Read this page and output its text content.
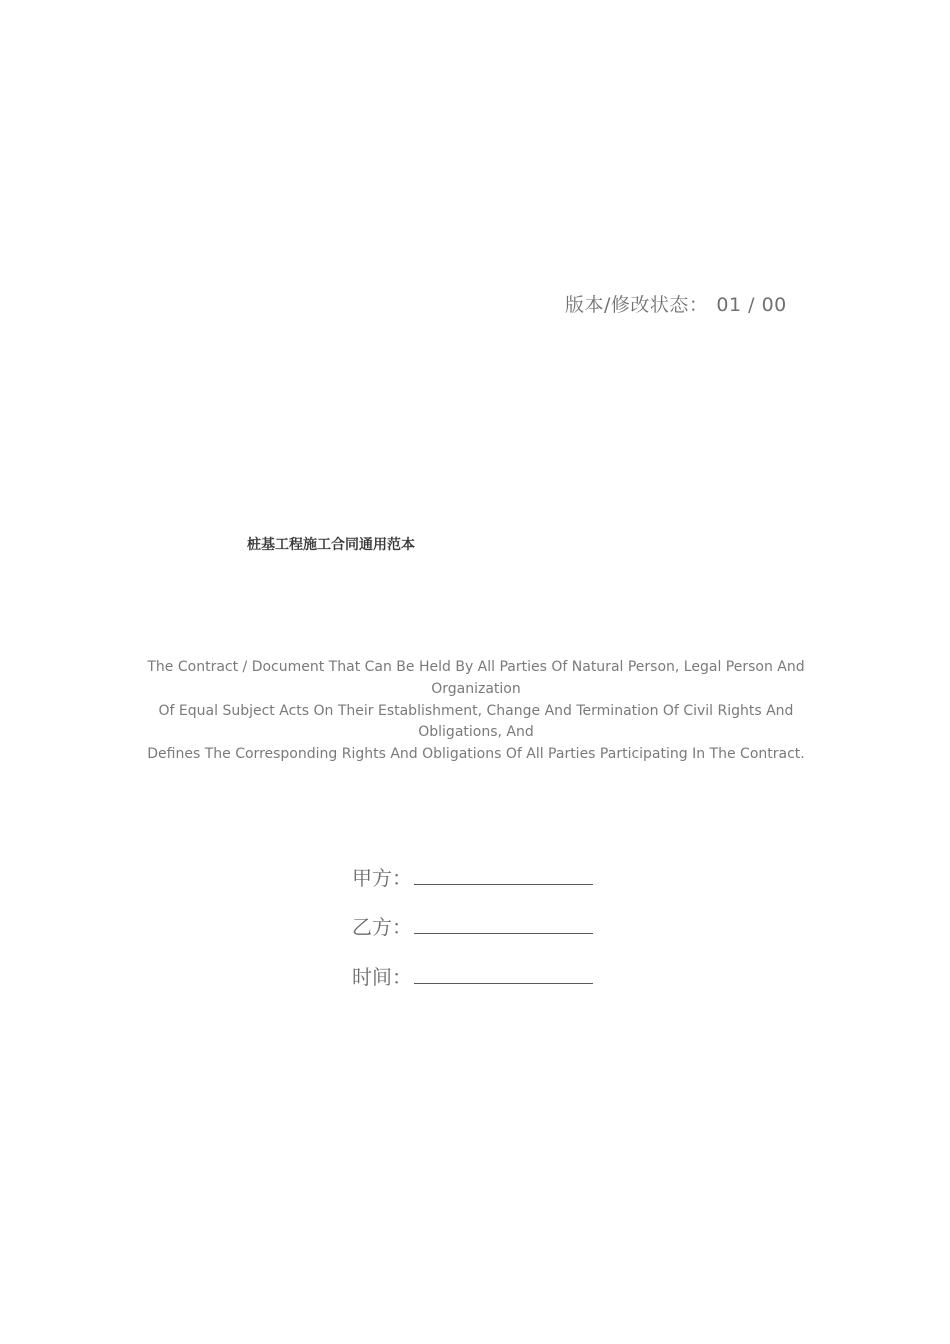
版本/修改状态： 01 / 00
桩基工程施工合同通用范本
The Contract / Document That Can Be Held By All Parties Of Natural Person, Legal Person And Organization
Of Equal Subject Acts On Their Establishment, Change And Termination Of Civil Rights And Obligations, And
Defines The Corresponding Rights And Obligations Of All Parties Participating In The Contract.
甲方：
乙方：
时间：
